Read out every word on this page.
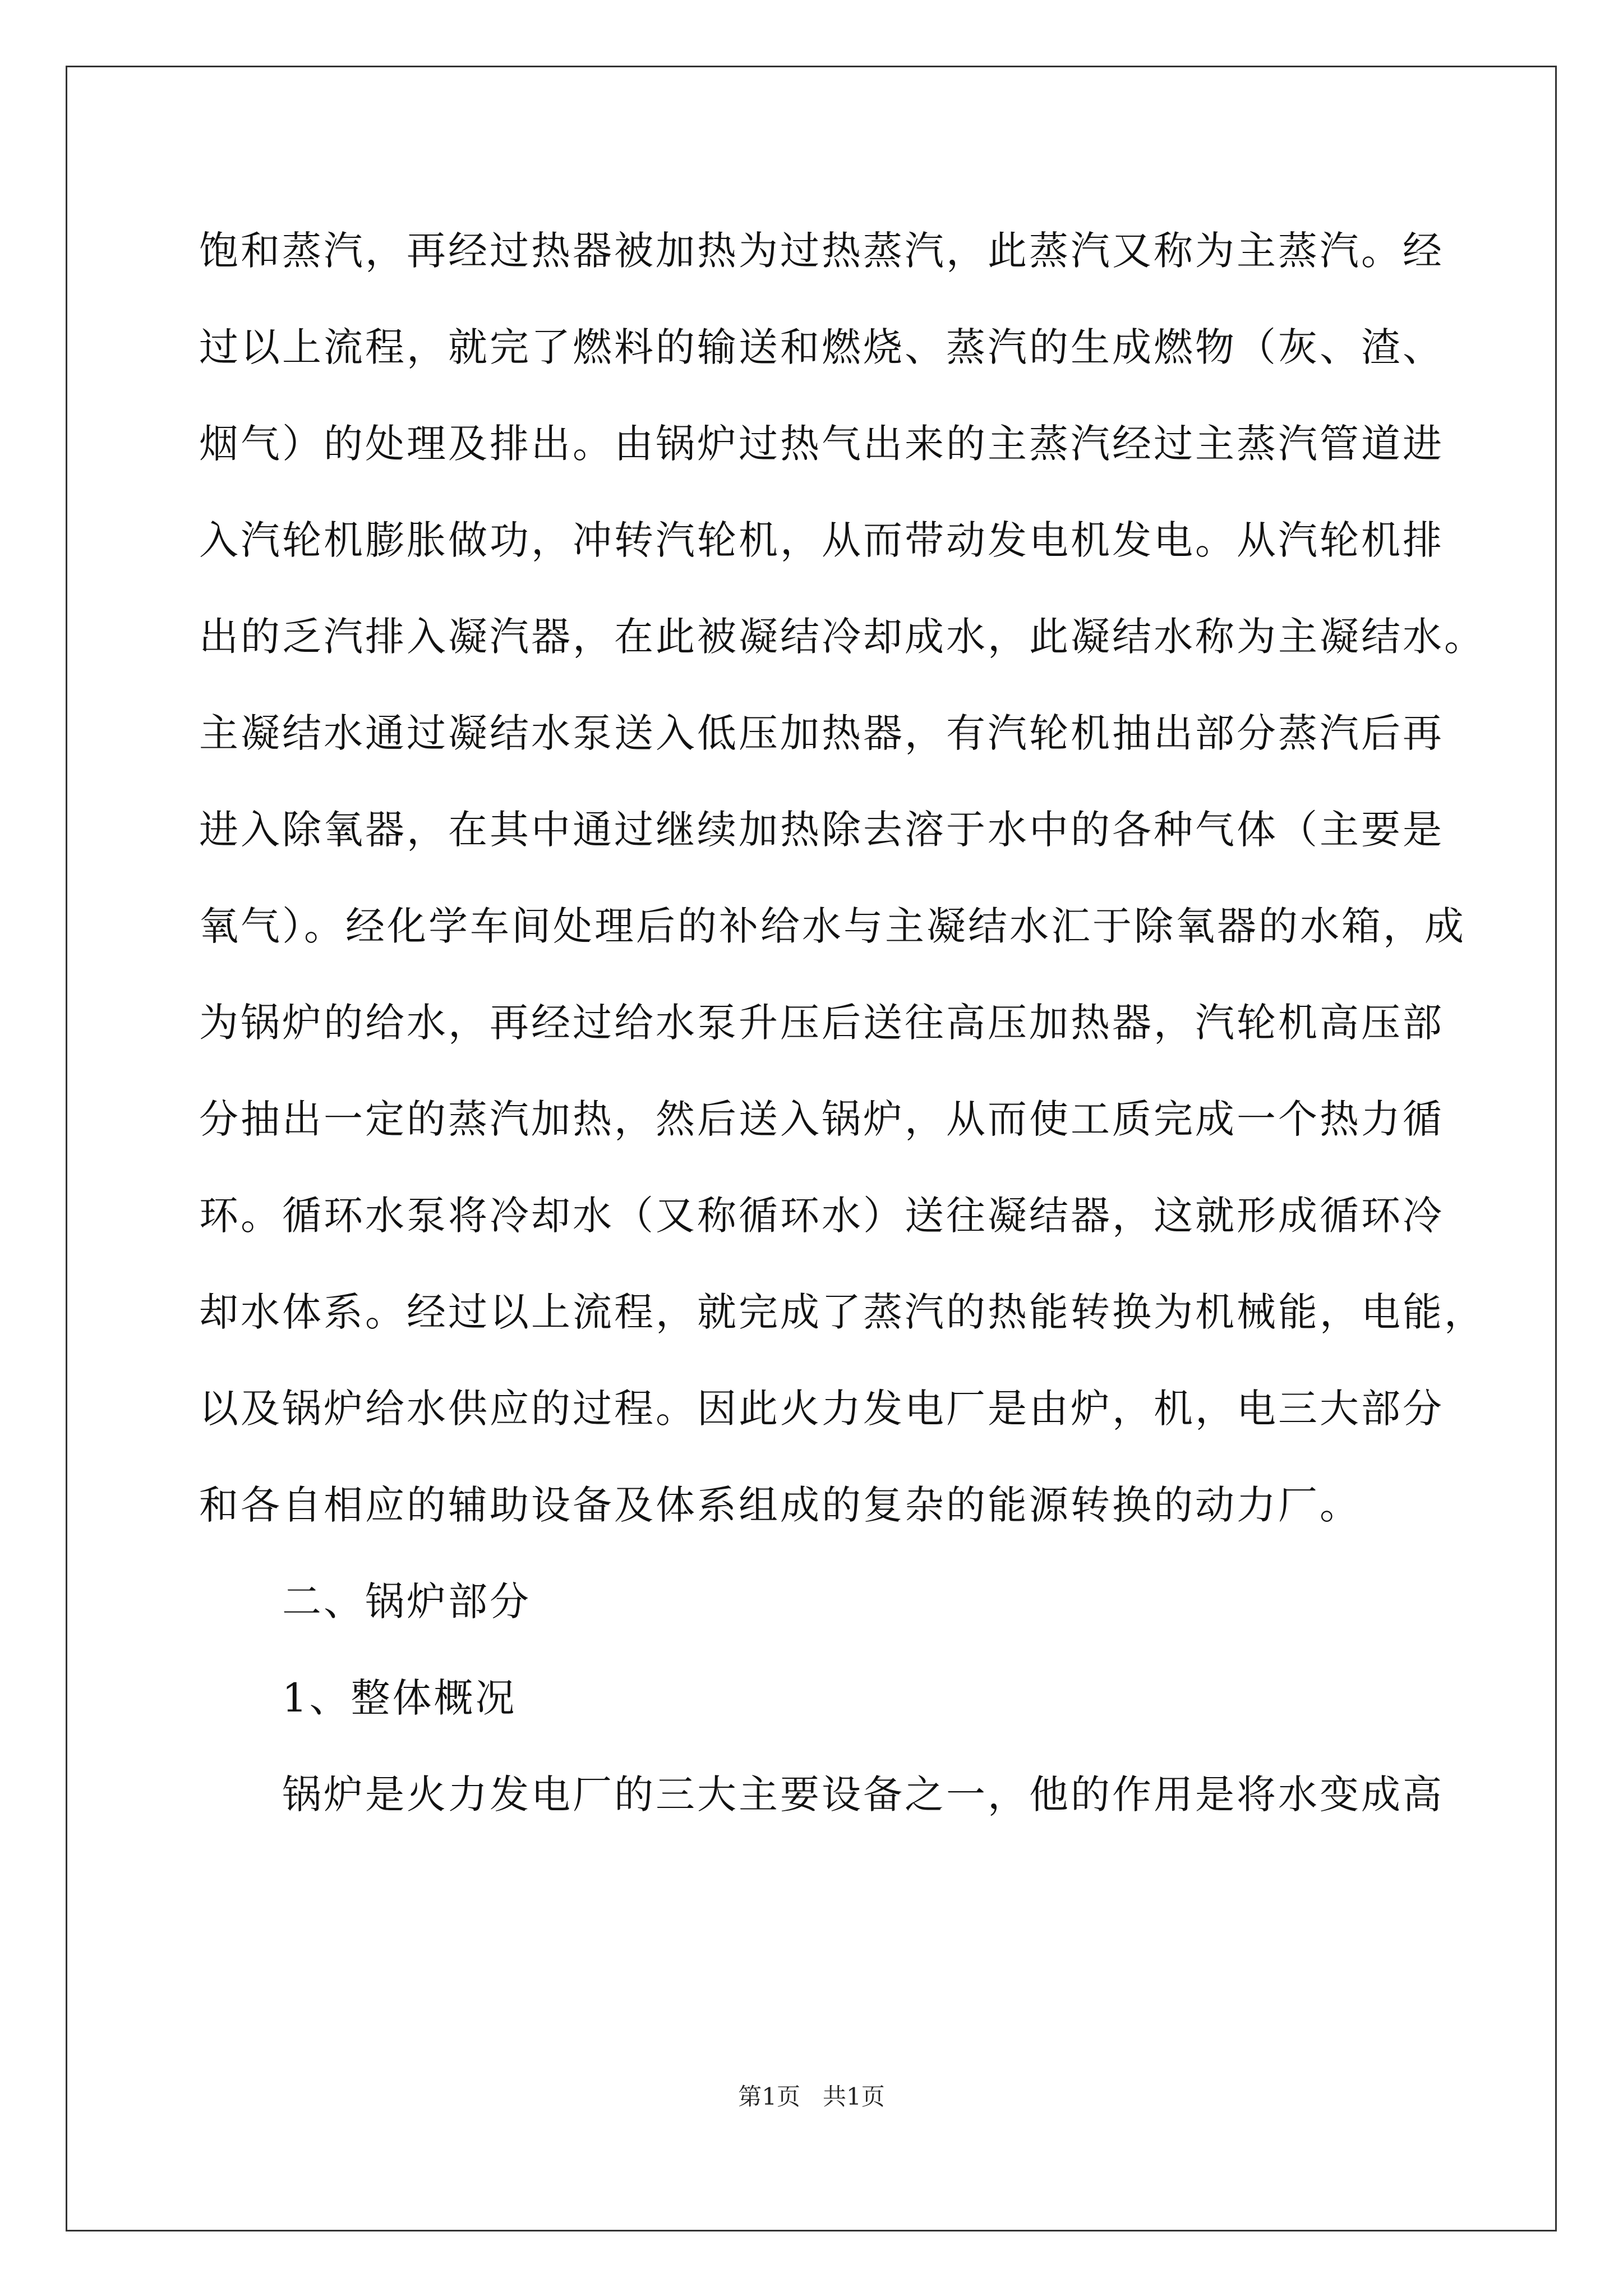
饱和蒸汽，再经过热器被加热为过热蒸汽，此蒸汽又称为主蒸汽。经
过以上流程，就完了燃料的输送和燃烧、蒸汽的生成燃物（灰、渣、
烟气）的处理及排出。由锅炉过热气出来的主蒸汽经过主蒸汽管道进
入汽轮机膨胀做功，冲转汽轮机，从而带动发电机发电。从汽轮机排
出的乏汽排入凝汽器，在此被凝结冷却成水，此凝结水称为主凝结水。
主凝结水通过凝结水泵送入低压加热器，有汽轮机抽出部分蒸汽后再
进入除氧器，在其中通过继续加热除去溶于水中的各种气体（主要是
氧气）。经化学车间处理后的补给水与主凝结水汇于除氧器的水箱，成
为锅炉的给水，再经过给水泵升压后送往高压加热器，汽轮机高压部
分抽出一定的蒸汽加热，然后送入锅炉，从而使工质完成一个热力循
环。循环水泵将冷却水（又称循环水）送往凝结器，这就形成循环冷
却水体系。经过以上流程，就完成了蒸汽的热能转换为机械能，电能，
以及锅炉给水供应的过程。因此火力发电厂是由炉，机，电三大部分
和各自相应的辅助设备及体系组成的复杂的能源转换的动力厂。
二、锅炉部分
1、整体概况
锅炉是火力发电厂的三大主要设备之一，他的作用是将水变成高
第1页   共1页
